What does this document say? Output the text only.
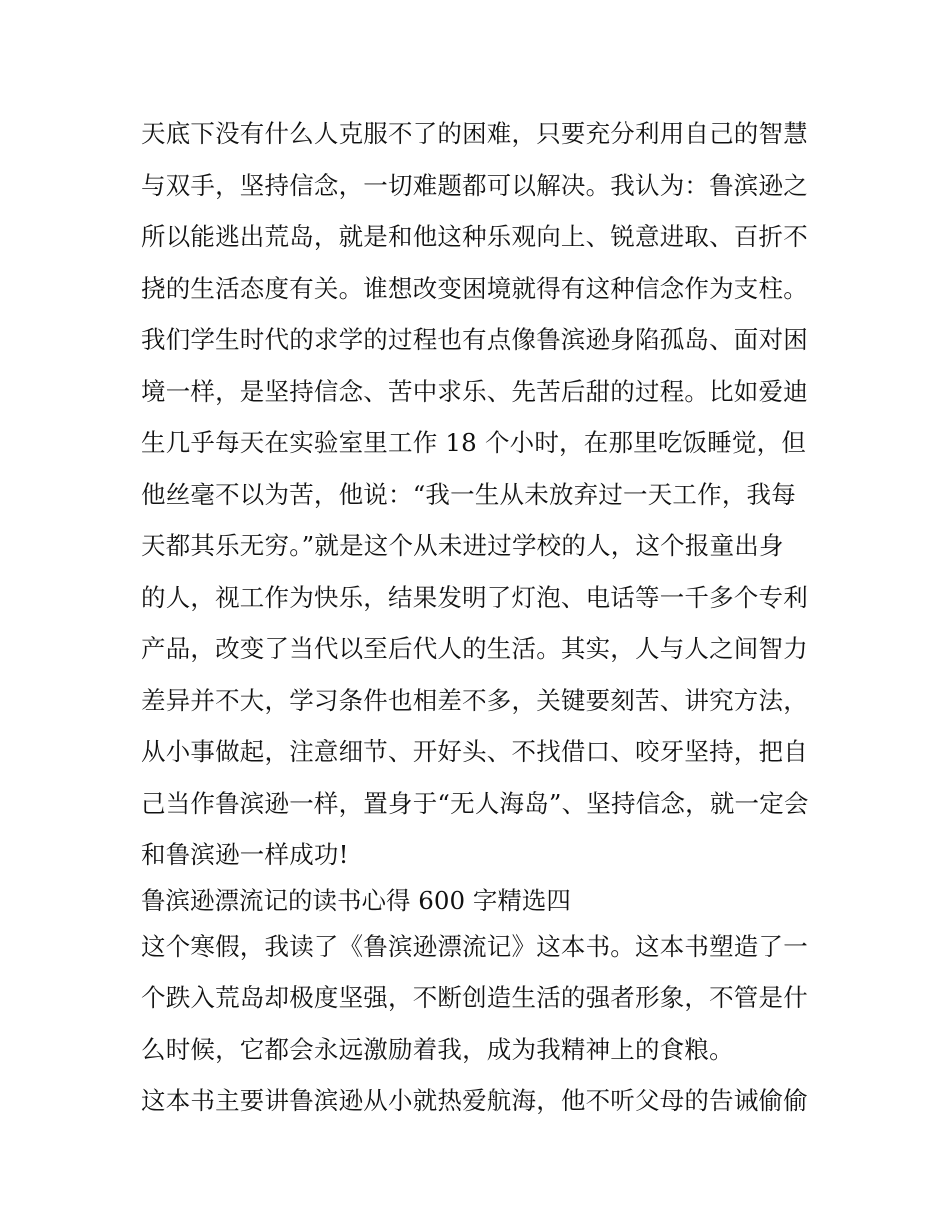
天底下没有什么人克服不了的困难，只要充分利用自己的智慧
与双手，坚持信念，一切难题都可以解决。我认为：鲁滨逊之
所以能逃出荒岛，就是和他这种乐观向上、锐意进取、百折不
挠的生活态度有关。谁想改变困境就得有这种信念作为支柱。
我们学生时代的求学的过程也有点像鲁滨逊身陷孤岛、面对困
境一样，是坚持信念、苦中求乐、先苦后甜的过程。比如爱迪
生几乎每天在实验室里工作 18 个小时，在那里吃饭睡觉，但
他丝毫不以为苦，他说：“我一生从未放弃过一天工作，我每
天都其乐无穷。”就是这个从未进过学校的人，这个报童出身
的人，视工作为快乐，结果发明了灯泡、电话等一千多个专利
产品，改变了当代以至后代人的生活。其实，人与人之间智力
差异并不大，学习条件也相差不多，关键要刻苦、讲究方法，
从小事做起，注意细节、开好头、不找借口、咬牙坚持，把自
己当作鲁滨逊一样，置身于“无人海岛”、坚持信念，就一定会
和鲁滨逊一样成功!
鲁滨逊漂流记的读书心得 600 字精选四
这个寒假，我读了《鲁滨逊漂流记》这本书。这本书塑造了一
个跌入荒岛却极度坚强，不断创造生活的强者形象，不管是什
么时候，它都会永远激励着我，成为我精神上的食粮。
这本书主要讲鲁滨逊从小就热爱航海，他不听父母的告诫偷偷
